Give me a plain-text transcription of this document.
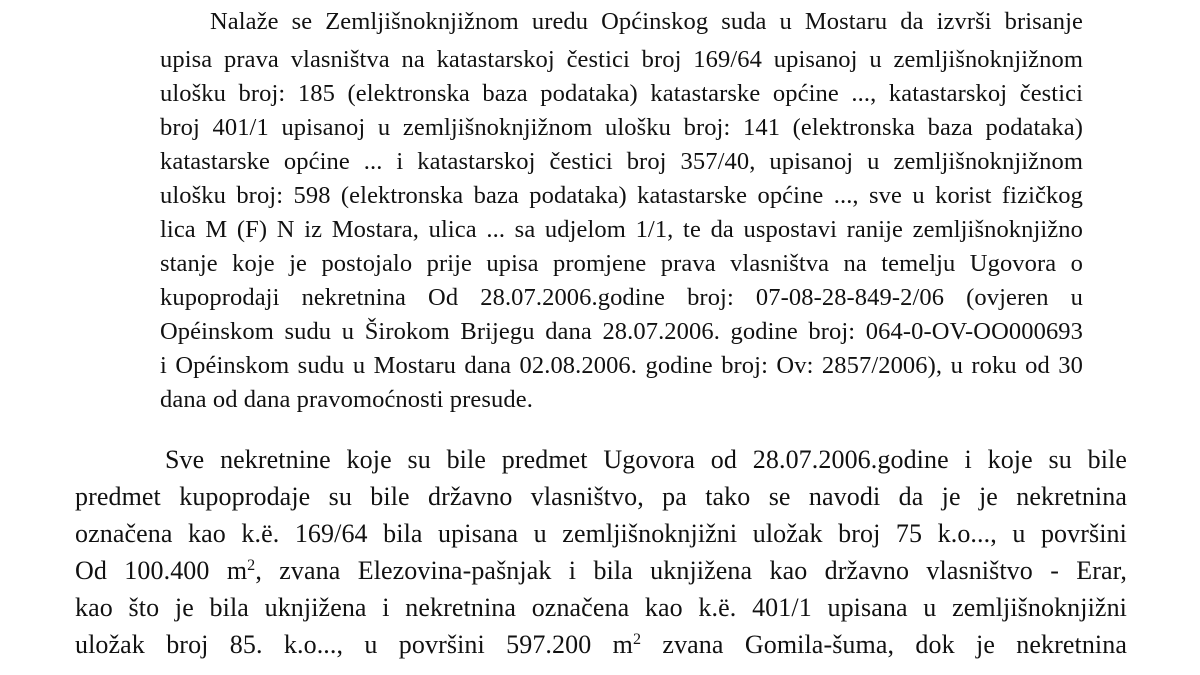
Nalaže se Zemljišnoknjižnom uredu Općinskog suda u Mostaru da izvrši brisanje
upisa prava vlasništva na katastarskoj čestici broj 169/64 upisanoj u zemljišnoknjižnom
ulošku broj: 185 (elektronska baza podataka) katastarske općine ..., katastarskoj čestici
broj 401/1 upisanoj u zemljišnoknjižnom ulošku broj: 141 (elektronska baza podataka)
katastarske općine ... i katastarskoj čestici broj 357/40, upisanoj u zemljišnoknjižnom
ulošku broj: 598 (elektronska baza podataka) katastarske općine ..., sve u korist fizičkog
lica M (F) N iz Mostara, ulica ... sa udjelom 1/1, te da uspostavi ranije zemljišnoknjižno
stanje koje je postojalo prije upisa promjene prava vlasništva na temelju Ugovora o
kupoprodaji nekretnina Od 28.07.2006.godine broj: 07-08-28-849-2/06 (ovjeren u
Opéinskom sudu u Širokom Brijegu dana 28.07.2006. godine broj: 064-0-OV-OO000693
i Opéinskom sudu u Mostaru dana 02.08.2006. godine broj: Ov: 2857/2006), u roku od 30
dana od dana pravomoćnosti presude.
Sve nekretnine koje su bile predmet Ugovora od 28.07.2006.godine i koje su bile
predmet kupoprodaje su bile državno vlasništvo, pa tako se navodi da je je nekretnina
označena kao k.ë. 169/64 bila upisana u zemljišnoknjižni uložak broj 75 k.o..., u površini
Od 100.400 $m^2$, zvana Elezovina-pašnjak i bila uknjižena kao državno vlasništvo - Erar,
kao što je bila uknjižena i nekretnina označena kao k.ë. 401/1 upisana u zemljišnoknjižni
uložak broj 85. k.o..., u površini 597.200 $m^2$ zvana Gomila-šuma, dok je nekretnina
